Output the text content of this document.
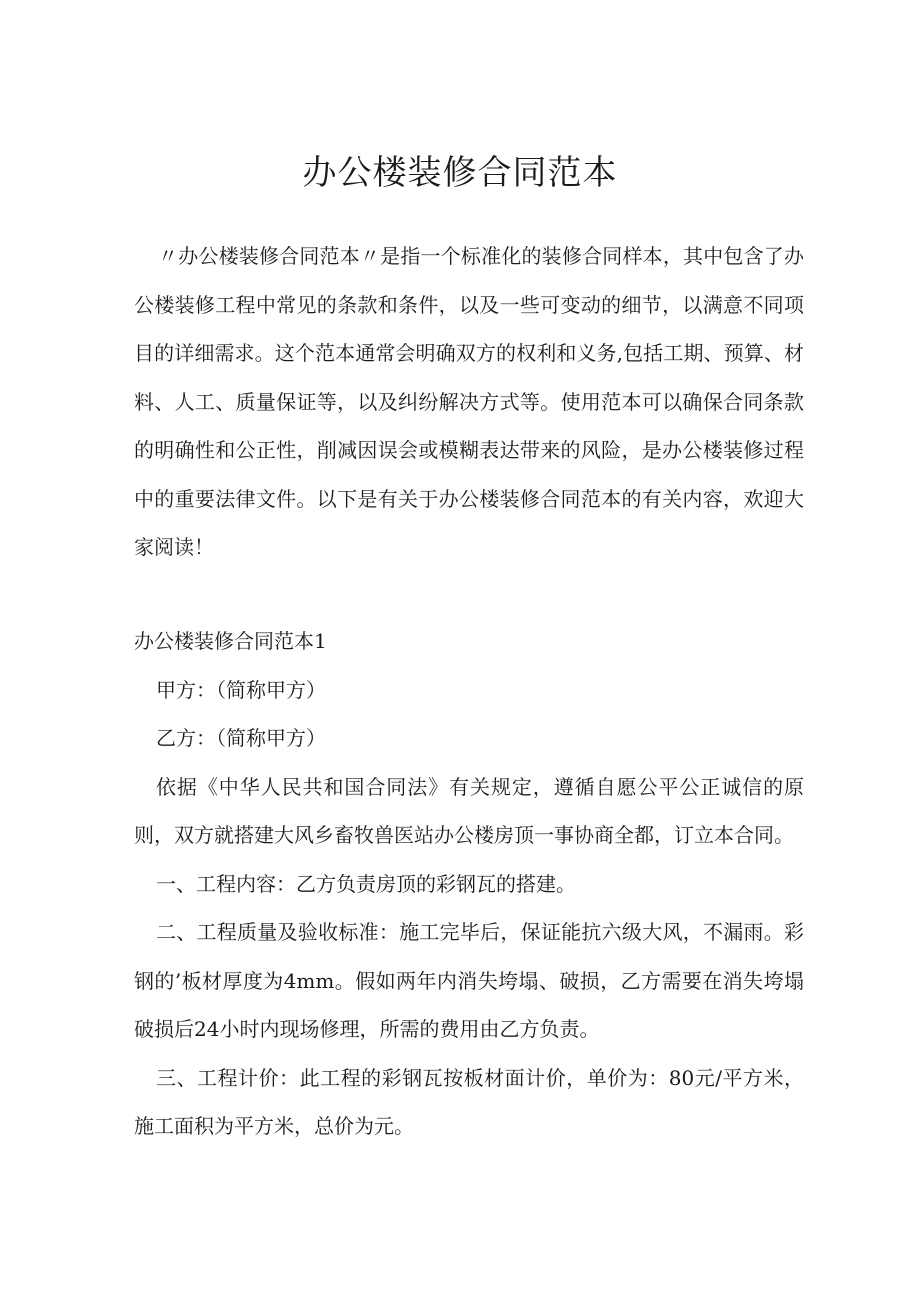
办公楼装修合同范本

〃办公楼装修合同范本〃是指一个标准化的装修合同样本，其中包含了办公楼装修工程中常见的条款和条件，以及一些可变动的细节，以满意不同项目的详细需求。这个范本通常会明确双方的权利和义务,包括工期、预算、材料、人工、质量保证等，以及纠纷解决方式等。使用范本可以确保合同条款的明确性和公正性，削减因误会或模糊表达带来的风险，是办公楼装修过程中的重要法律文件。以下是有关于办公楼装修合同范本的有关内容，欢迎大家阅读！

办公楼装修合同范本1

甲方：（简称甲方）

乙方：（简称甲方）

依据《中华人民共和国合同法》有关规定，遵循自愿公平公正诚信的原则，双方就搭建大风乡畜牧兽医站办公楼房顶一事协商全都，订立本合同。

一、工程内容：乙方负责房顶的彩钢瓦的搭建。

二、工程质量及验收标准：施工完毕后，保证能抗六级大风，不漏雨。彩钢的’板材厚度为4mm。假如两年内消失垮塌、破损，乙方需要在消失垮塌破损后24小时内现场修理，所需的费用由乙方负责。

三、工程计价：此工程的彩钢瓦按板材面计价，单价为：80元/平方米，施工面积为平方米，总价为元。
